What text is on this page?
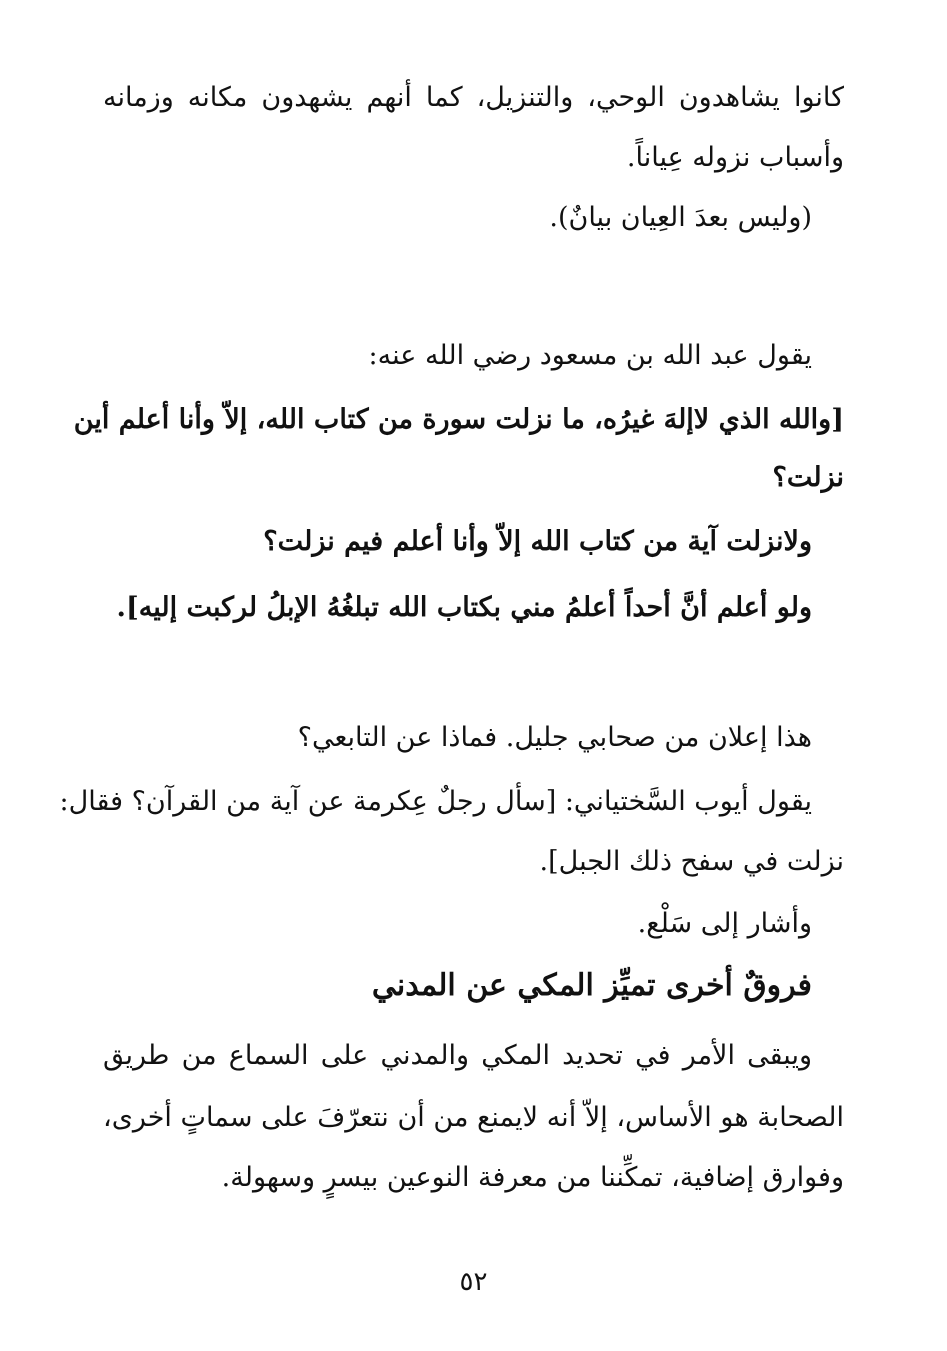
كانوا يشاهدون الوحي، والتنزيل، كما أنهم يشهدون مكانه وزمانه
وأسباب نزوله عِياناً.
(وليس بعدَ العِيان بيانٌ).
يقول عبد الله بن مسعود رضي الله عنه:
[والله الذي لاإلهَ غيرُه، ما نزلت سورة من كتاب الله، إلاّ وأنا أعلم أين
نزلت؟
ولانزلت آية من كتاب الله إلاّ وأنا أعلم فيم نزلت؟
ولو أعلم أنَّ أحداً أعلمُ مني بكتاب الله تبلغُهُ الإبلُ لركبت إليه].
هذا إعلان من صحابي جليل. فماذا عن التابعي؟
يقول أيوب السَّختياني: [سأل رجلٌ عِكرمة عن آية من القرآن؟ فقال:
نزلت في سفح ذلك الجبل].
وأشار إلى سَلْع.
فروقٌ أخرى تميِّز المكي عن المدني
ويبقى الأمر في تحديد المكي والمدني على السماع من طريق
الصحابة هو الأساس، إلاّ أنه لايمنع من أن نتعرّفَ على سماتٍ أخرى،
وفوارق إضافية، تمكِّننا من معرفة النوعين بيسرٍ وسهولة.
٥٢
